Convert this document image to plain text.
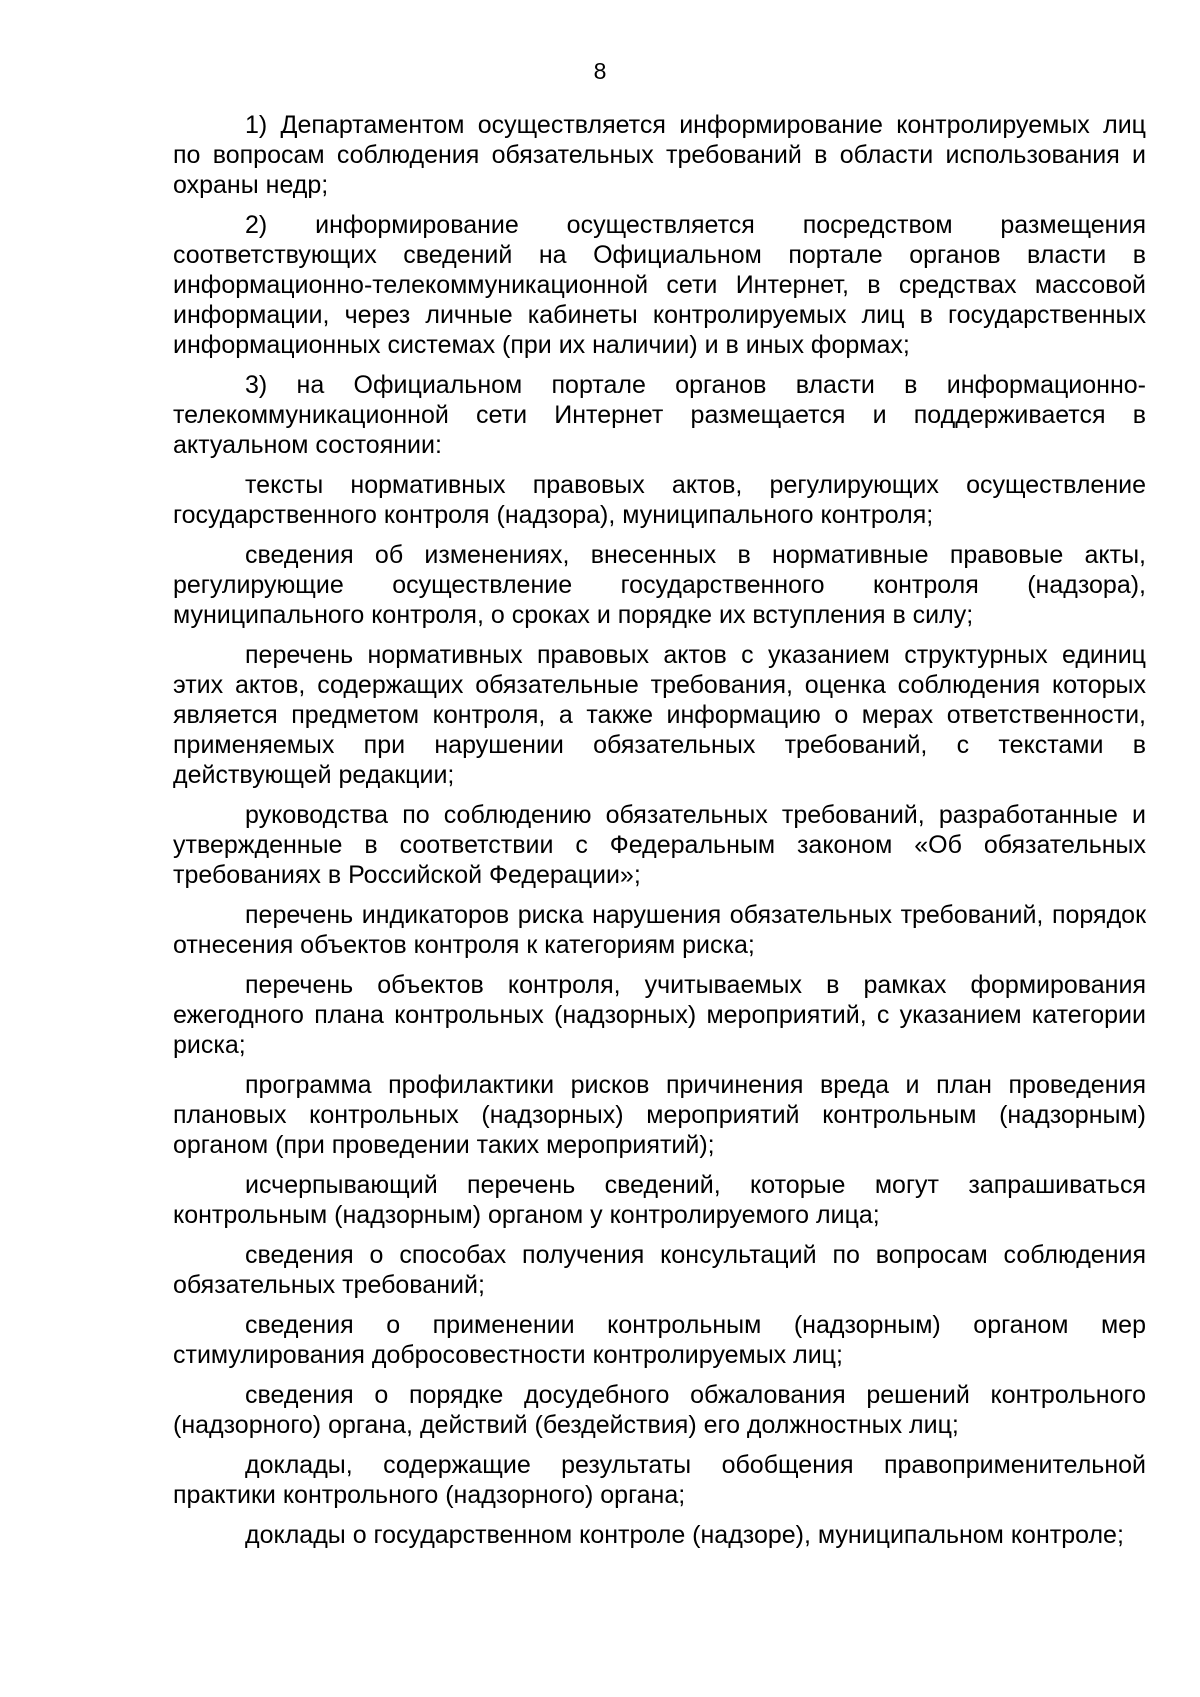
8

1) Департаментом осуществляется информирование контролируемых лиц по вопросам соблюдения обязательных требований в области использования и охраны недр;

2) информирование осуществляется посредством размещения соответствующих сведений на Официальном портале органов власти в информационно-телекоммуникационной сети Интернет, в средствах массовой информации, через личные кабинеты контролируемых лиц в государственных информационных системах (при их наличии) и в иных формах;

3) на Официальном портале органов власти в информационно-телекоммуникационной сети Интернет размещается и поддерживается в актуальном состоянии:

тексты нормативных правовых актов, регулирующих осуществление государственного контроля (надзора), муниципального контроля;

сведения об изменениях, внесенных в нормативные правовые акты, регулирующие осуществление государственного контроля (надзора), муниципального контроля, о сроках и порядке их вступления в силу;

перечень нормативных правовых актов с указанием структурных единиц этих актов, содержащих обязательные требования, оценка соблюдения которых является предметом контроля, а также информацию о мерах ответственности, применяемых при нарушении обязательных требований, с текстами в действующей редакции;

руководства по соблюдению обязательных требований, разработанные и утвержденные в соответствии с Федеральным законом «Об обязательных требованиях в Российской Федерации»;

перечень индикаторов риска нарушения обязательных требований, порядок отнесения объектов контроля к категориям риска;

перечень объектов контроля, учитываемых в рамках формирования ежегодного плана контрольных (надзорных) мероприятий, с указанием категории риска;

программа профилактики рисков причинения вреда и план проведения плановых контрольных (надзорных) мероприятий контрольным (надзорным) органом (при проведении таких мероприятий);

исчерпывающий перечень сведений, которые могут запрашиваться контрольным (надзорным) органом у контролируемого лица;

сведения о способах получения консультаций по вопросам соблюдения обязательных требований;

сведения о применении контрольным (надзорным) органом мер стимулирования добросовестности контролируемых лиц;

сведения о порядке досудебного обжалования решений контрольного (надзорного) органа, действий (бездействия) его должностных лиц;

доклады, содержащие результаты обобщения правоприменительной практики контрольного (надзорного) органа;

доклады о государственном контроле (надзоре), муниципальном контроле;
